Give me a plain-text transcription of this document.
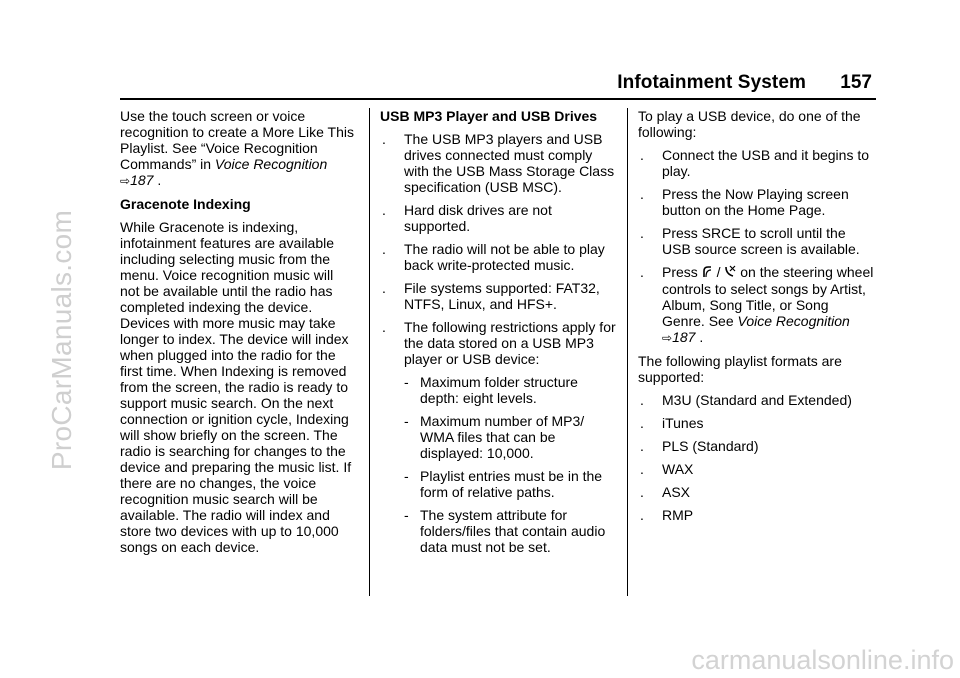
ProCarManuals.com
Infotainment System 157

Use the touch screen or voice recognition to create a More Like This Playlist. See “Voice Recognition Commands” in Voice Recognition ⇨187 .

Gracenote Indexing

While Gracenote is indexing, infotainment features are available including selecting music from the menu. Voice recognition music will not be available until the radio has completed indexing the device. Devices with more music may take longer to index. The device will index when plugged into the radio for the first time. When Indexing is removed from the screen, the radio is ready to support music search. On the next connection or ignition cycle, Indexing will show briefly on the screen. The radio is searching for changes to the device and preparing the music list. If there are no changes, the voice recognition music search will be available. The radio will index and store two devices with up to 10,000 songs on each device.

USB MP3 Player and USB Drives

. The USB MP3 players and USB drives connected must comply with the USB Mass Storage Class specification (USB MSC).
. Hard disk drives are not supported.
. The radio will not be able to play back write-protected music.
. File systems supported: FAT32, NTFS, Linux, and HFS+.
. The following restrictions apply for the data stored on a USB MP3 player or USB device:
- Maximum folder structure depth: eight levels.
- Maximum number of MP3/ WMA files that can be displayed: 10,000.
- Playlist entries must be in the form of relative paths.
- The system attribute for folders/files that contain audio data must not be set.

To play a USB device, do one of the following:

. Connect the USB and it begins to play.
. Press the Now Playing screen button on the Home Page.
. Press SRCE to scroll until the USB source screen is available.
. Press  /  on the steering wheel controls to select songs by Artist, Album, Song Title, or Song Genre. See Voice Recognition ⇨187 .

The following playlist formats are supported:

. M3U (Standard and Extended)
. iTunes
. PLS (Standard)
. WAX
. ASX
. RMP
carmanualsonline.info
